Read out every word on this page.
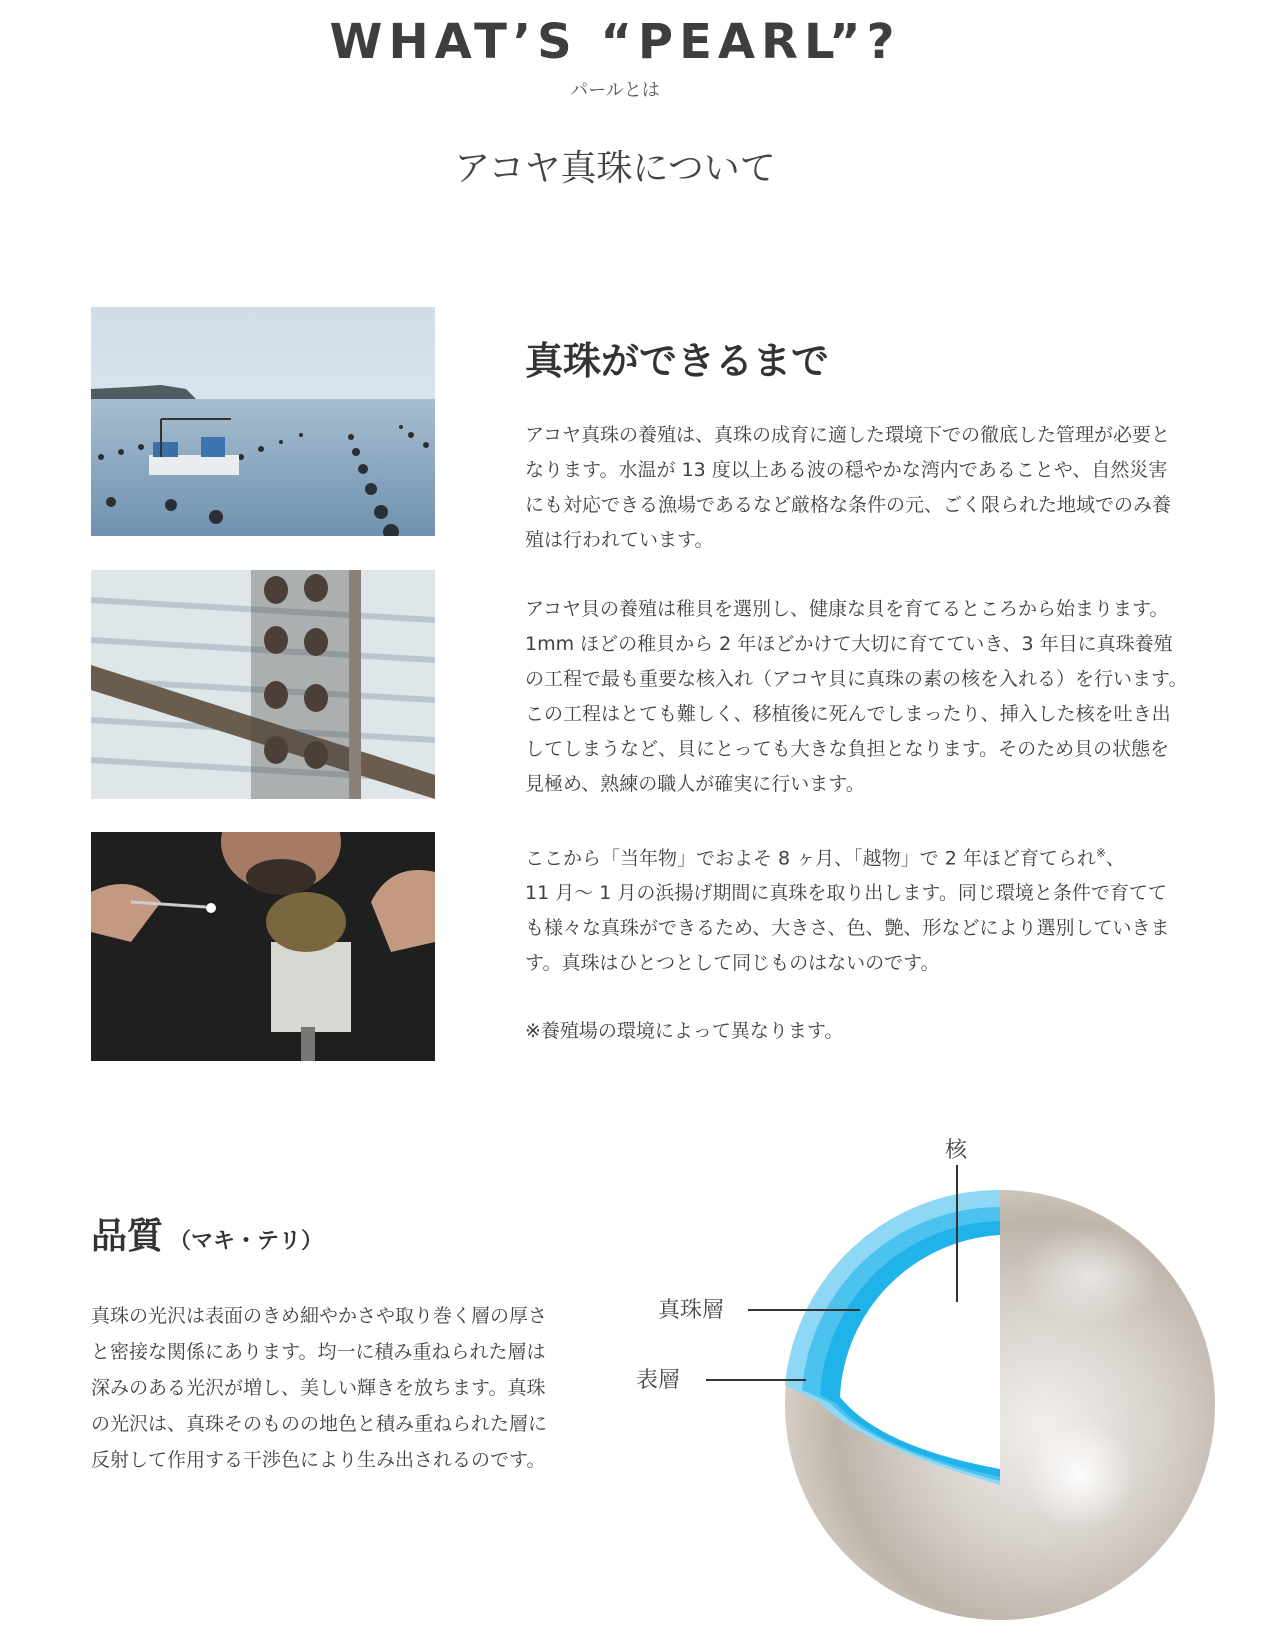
WHAT’S “PEARL”?
パールとは
アコヤ真珠について
真珠ができるまで
アコヤ真珠の養殖は、真珠の成育に適した環境下での徹底した管理が必要と
なります。水温が 13 度以上ある波の穏やかな湾内であることや、自然災害
にも対応できる漁場であるなど厳格な条件の元、ごく限られた地域でのみ養
殖は行われています。
アコヤ貝の養殖は稚貝を選別し、健康な貝を育てるところから始まります。
1mm ほどの稚貝から 2 年ほどかけて大切に育てていき、3 年目に真珠養殖
の工程で最も重要な核入れ（アコヤ貝に真珠の素の核を入れる）を行います。
この工程はとても難しく、移植後に死んでしまったり、挿入した核を吐き出
してしまうなど、貝にとっても大きな負担となります。そのため貝の状態を
見極め、熟練の職人が確実に行います。
ここから「当年物」でおよそ 8 ヶ月、「越物」で 2 年ほど育てられ※、
11 月〜 1 月の浜揚げ期間に真珠を取り出します。同じ環境と条件で育てて
も様々な真珠ができるため、大きさ、色、艶、形などにより選別していきま
す。真珠はひとつとして同じものはないのです。
※養殖場の環境によって異なります。
品質 （マキ・テリ）
真珠の光沢は表面のきめ細やかさや取り巻く層の厚さ
と密接な関係にあります。均一に積み重ねられた層は
深みのある光沢が増し、美しい輝きを放ちます。真珠
の光沢は、真珠そのものの地色と積み重ねられた層に
反射して作用する干渉色により生み出されるのです。
核
真珠層
表層
